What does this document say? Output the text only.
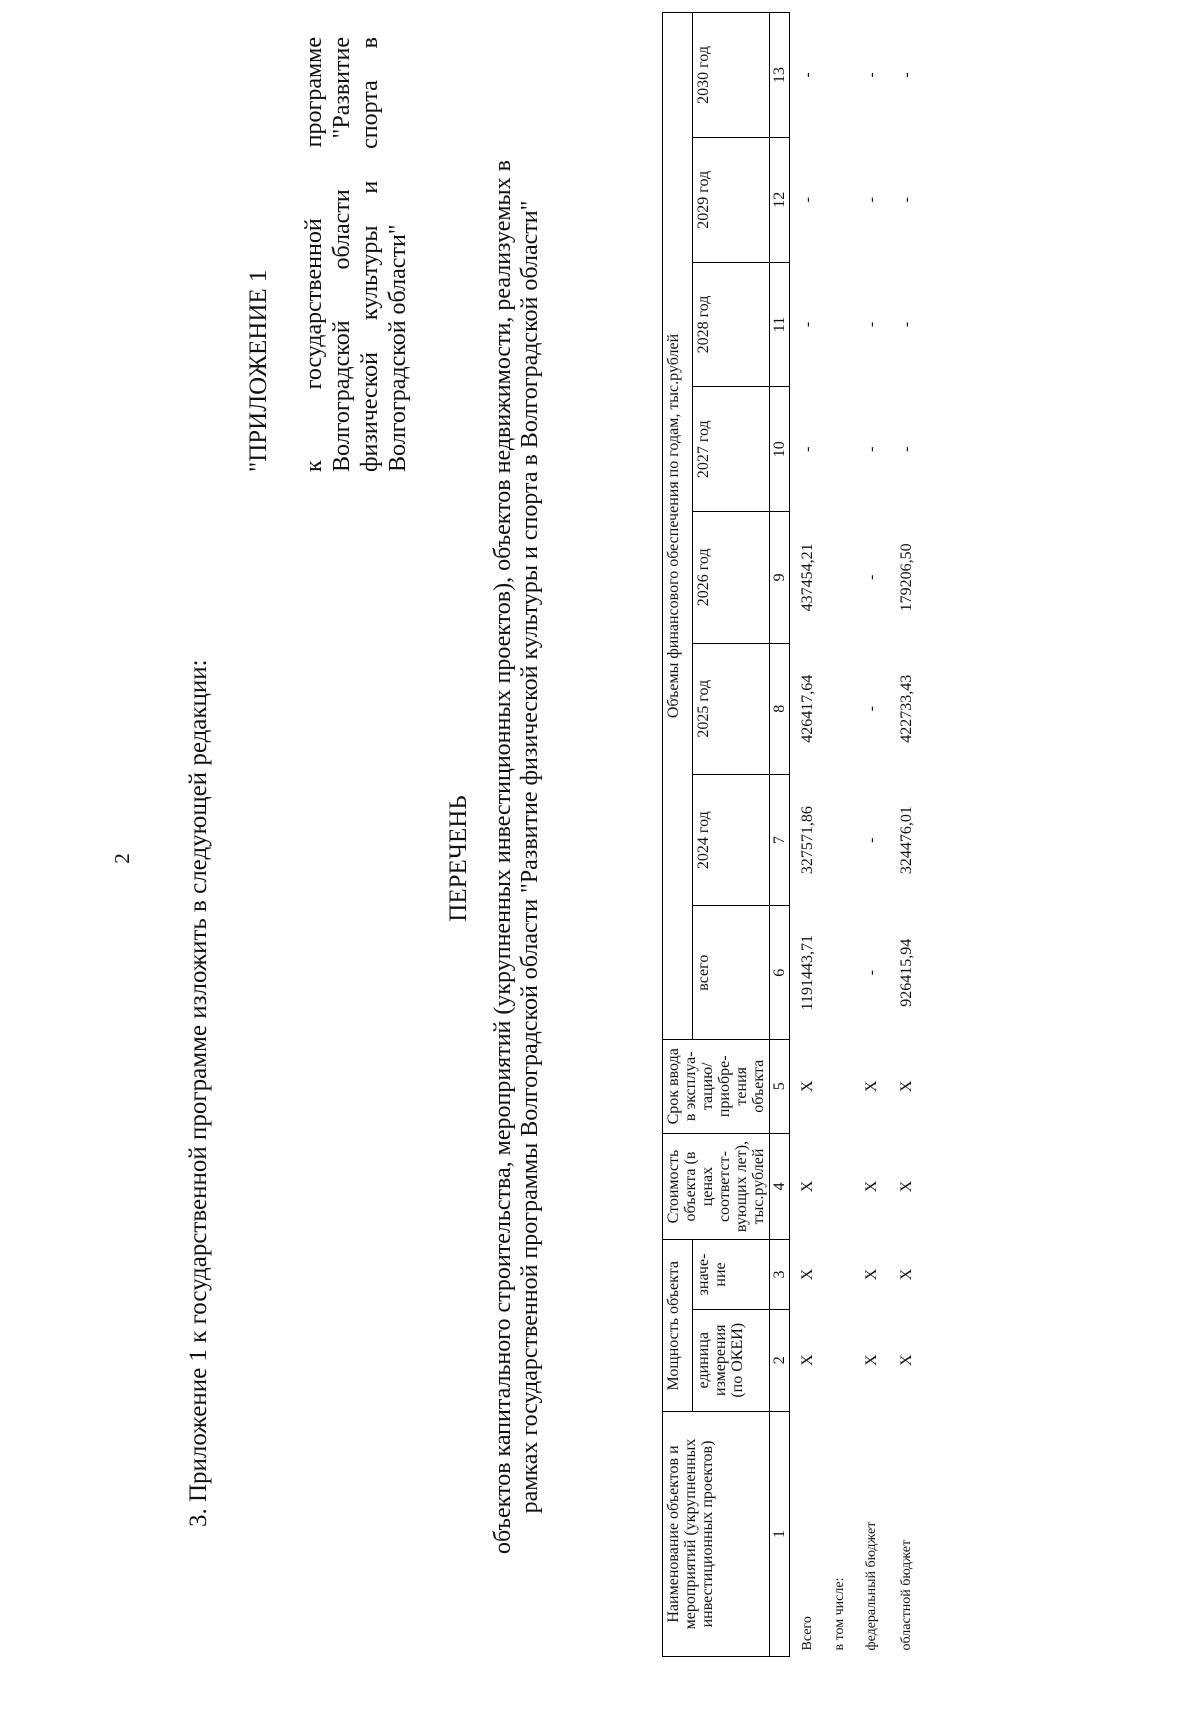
2 3. Приложение 1 к государственной программе изложить в следующей редакции:
"ПРИЛОЖЕНИЕ 1 к государственной программе Волгоградской области "Развитие физической культуры и спорта в Волгоградской области"
ПЕРЕЧЕНЬ объектов капитального строительства, мероприятий (укрупненных инвестиционных проектов), объектов недвижимости, реализуемых в рамках государственной программы Волгоградской области "Развитие физической культуры и спорта в Волгоградской области"
Наименование объектов и мероприятий (укрупненных инвестиционных проектов)	Мощность объекта		Стоимость объекта (в ценах соответст-вующих лет), тыс.рублей	Срок ввода в эксплуа-тацию/ приобре-тения объекта	Объемы финансового обеспечения по годам, тыс.рублей							
	единица измерения (по ОКЕИ)	значе-ние			всего	2024 год	2025 год	2026 год	2027 год	2028 год	2029 год	2030 год
1	2	3	4	5	6	7	8	9	10	11	12	13
Всего	Х	Х	Х	Х	1191443,71	327571,86	426417,64	437454,21	-	-	-	-
в том числе:												
федеральный бюджет	Х	Х	Х	Х	-	-	-	-	-	-	-	-
областной бюджет	Х	Х	Х	Х	926415,94	324476,01	422733,43	179206,50	-	-	-	-
